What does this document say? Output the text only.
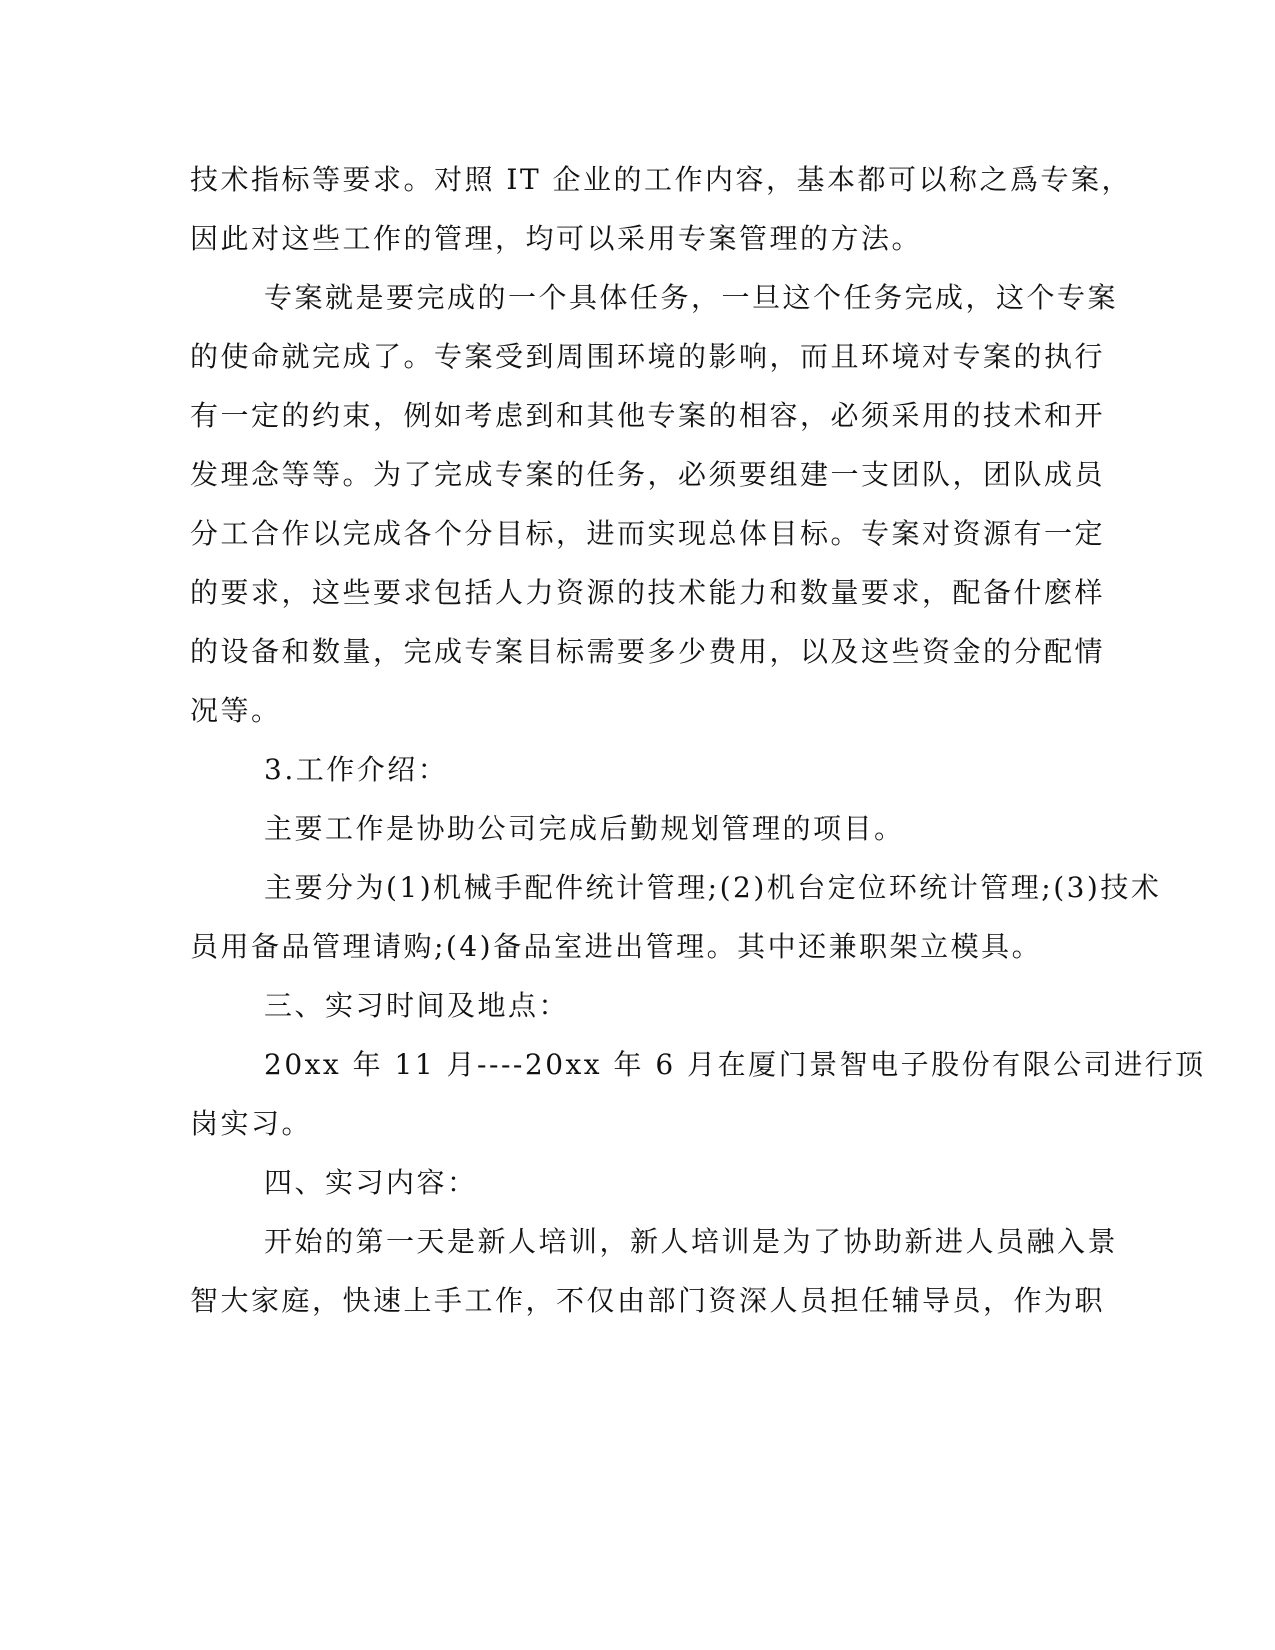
技术指标等要求。对照 IT 企业的工作内容，基本都可以称之爲专案，
因此对这些工作的管理，均可以采用专案管理的方法。
专案就是要完成的一个具体任务，一旦这个任务完成，这个专案
的使命就完成了。专案受到周围环境的影响，而且环境对专案的执行
有一定的约束，例如考虑到和其他专案的相容，必须采用的技术和开
发理念等等。为了完成专案的任务，必须要组建一支团队，团队成员
分工合作以完成各个分目标，进而实现总体目标。专案对资源有一定
的要求，这些要求包括人力资源的技术能力和数量要求，配备什麽样
的设备和数量，完成专案目标需要多少费用，以及这些资金的分配情
况等。
3.工作介绍：
主要工作是协助公司完成后勤规划管理的项目。
主要分为(1)机械手配件统计管理;(2)机台定位环统计管理;(3)技术
员用备品管理请购;(4)备品室进出管理。其中还兼职架立模具。
三、实习时间及地点：
20xx 年 11 月----20xx 年 6 月在厦门景智电子股份有限公司进行顶
岗实习。
四、实习内容：
开始的第一天是新人培训，新人培训是为了协助新进人员融入景
智大家庭，快速上手工作，不仅由部门资深人员担任辅导员，作为职
